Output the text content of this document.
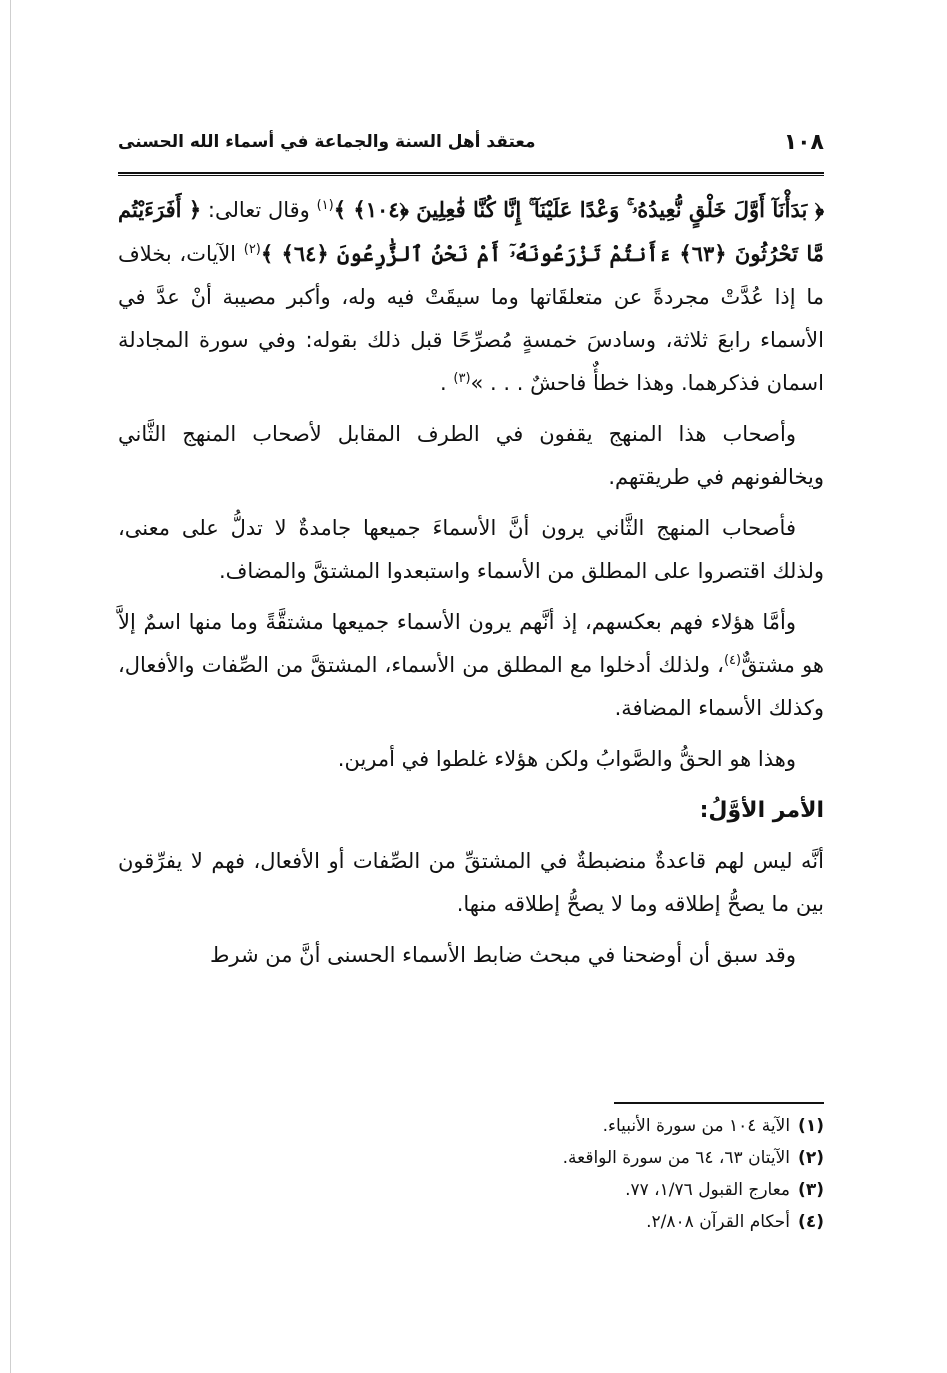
١٠٨
معتقد أهل السنة والجماعة في أسماء الله الحسنى

﴿ بَدَأْنَآ أَوَّلَ خَلْقٍ نُّعِيدُهُۥ ۚ وَعْدًا عَلَيْنَآ ۚ إِنَّا كُنَّا فَٰعِلِينَ ﴿١٠٤﴾ ﴾$^{(١)}$ وقال تعالى: ﴿ أَفَرَءَيْتُم مَّا تَحْرُثُونَ ﴿٦٣﴾ ءَأَنتُمْ تَزْرَعُونَهُۥٓ أَمْ نَحْنُ ٱلزَّٰرِعُونَ ﴿٦٤﴾ ﴾$^{(٢)}$ الآيات، بخلاف ما إذا عُدَّتْ مجردةً عن متعلقَاتها وما سيقَتْ فيه وله، وأكبر مصيبة أنْ عدَّ في الأسماء رابعَ ثلاثة، وسادسَ خمسةٍ مُصرِّحًا قبل ذلك بقوله: وفي سورة المجادلة اسمان فذكرهما. وهذا خطأٌ فاحشٌ . . . »$^{(٣)}$ .

وأصحاب هذا المنهج يقفون في الطرف المقابل لأصحاب المنهج الثَّاني ويخالفونهم في طريقتهم.

فأصحاب المنهج الثَّاني يرون أنَّ الأسماءَ جميعها جامدةٌ لا تدلُّ على معنى، ولذلك اقتصروا على المطلق من الأسماء واستبعدوا المشتقَّ والمضاف.

وأمَّا هؤلاء فهم بعكسهم، إذ أنَّهم يرون الأسماء جميعها مشتقَّةً وما منها اسمٌ إلاَّ هو مشتقٌّ$^{(٤)}$، ولذلك أدخلوا مع المطلق من الأسماء، المشتقَّ من الصِّفات والأفعال، وكذلك الأسماء المضافة.

وهذا هو الحقُّ والصَّوابُ ولكن هؤلاء غلطوا في أمرين.

الأمر الأوَّلُ:

أنَّه ليس لهم قاعدةٌ منضبطةٌ في المشتقِّ من الصِّفات أو الأفعال، فهم لا يفرِّقون بين ما يصحُّ إطلاقه وما لا يصحُّ إطلاقه منها.

وقد سبق أن أوضحنا في مبحث ضابط الأسماء الحسنى أنَّ من شرط

(١)
الآية ١٠٤ من سورة الأنبياء.
(٢)
الآيتان ٦٣، ٦٤ من سورة الواقعة.
(٣)
معارج القبول ١/٧٦، ٧٧.
(٤)
أحكام القرآن ٢/٨٠٨.
